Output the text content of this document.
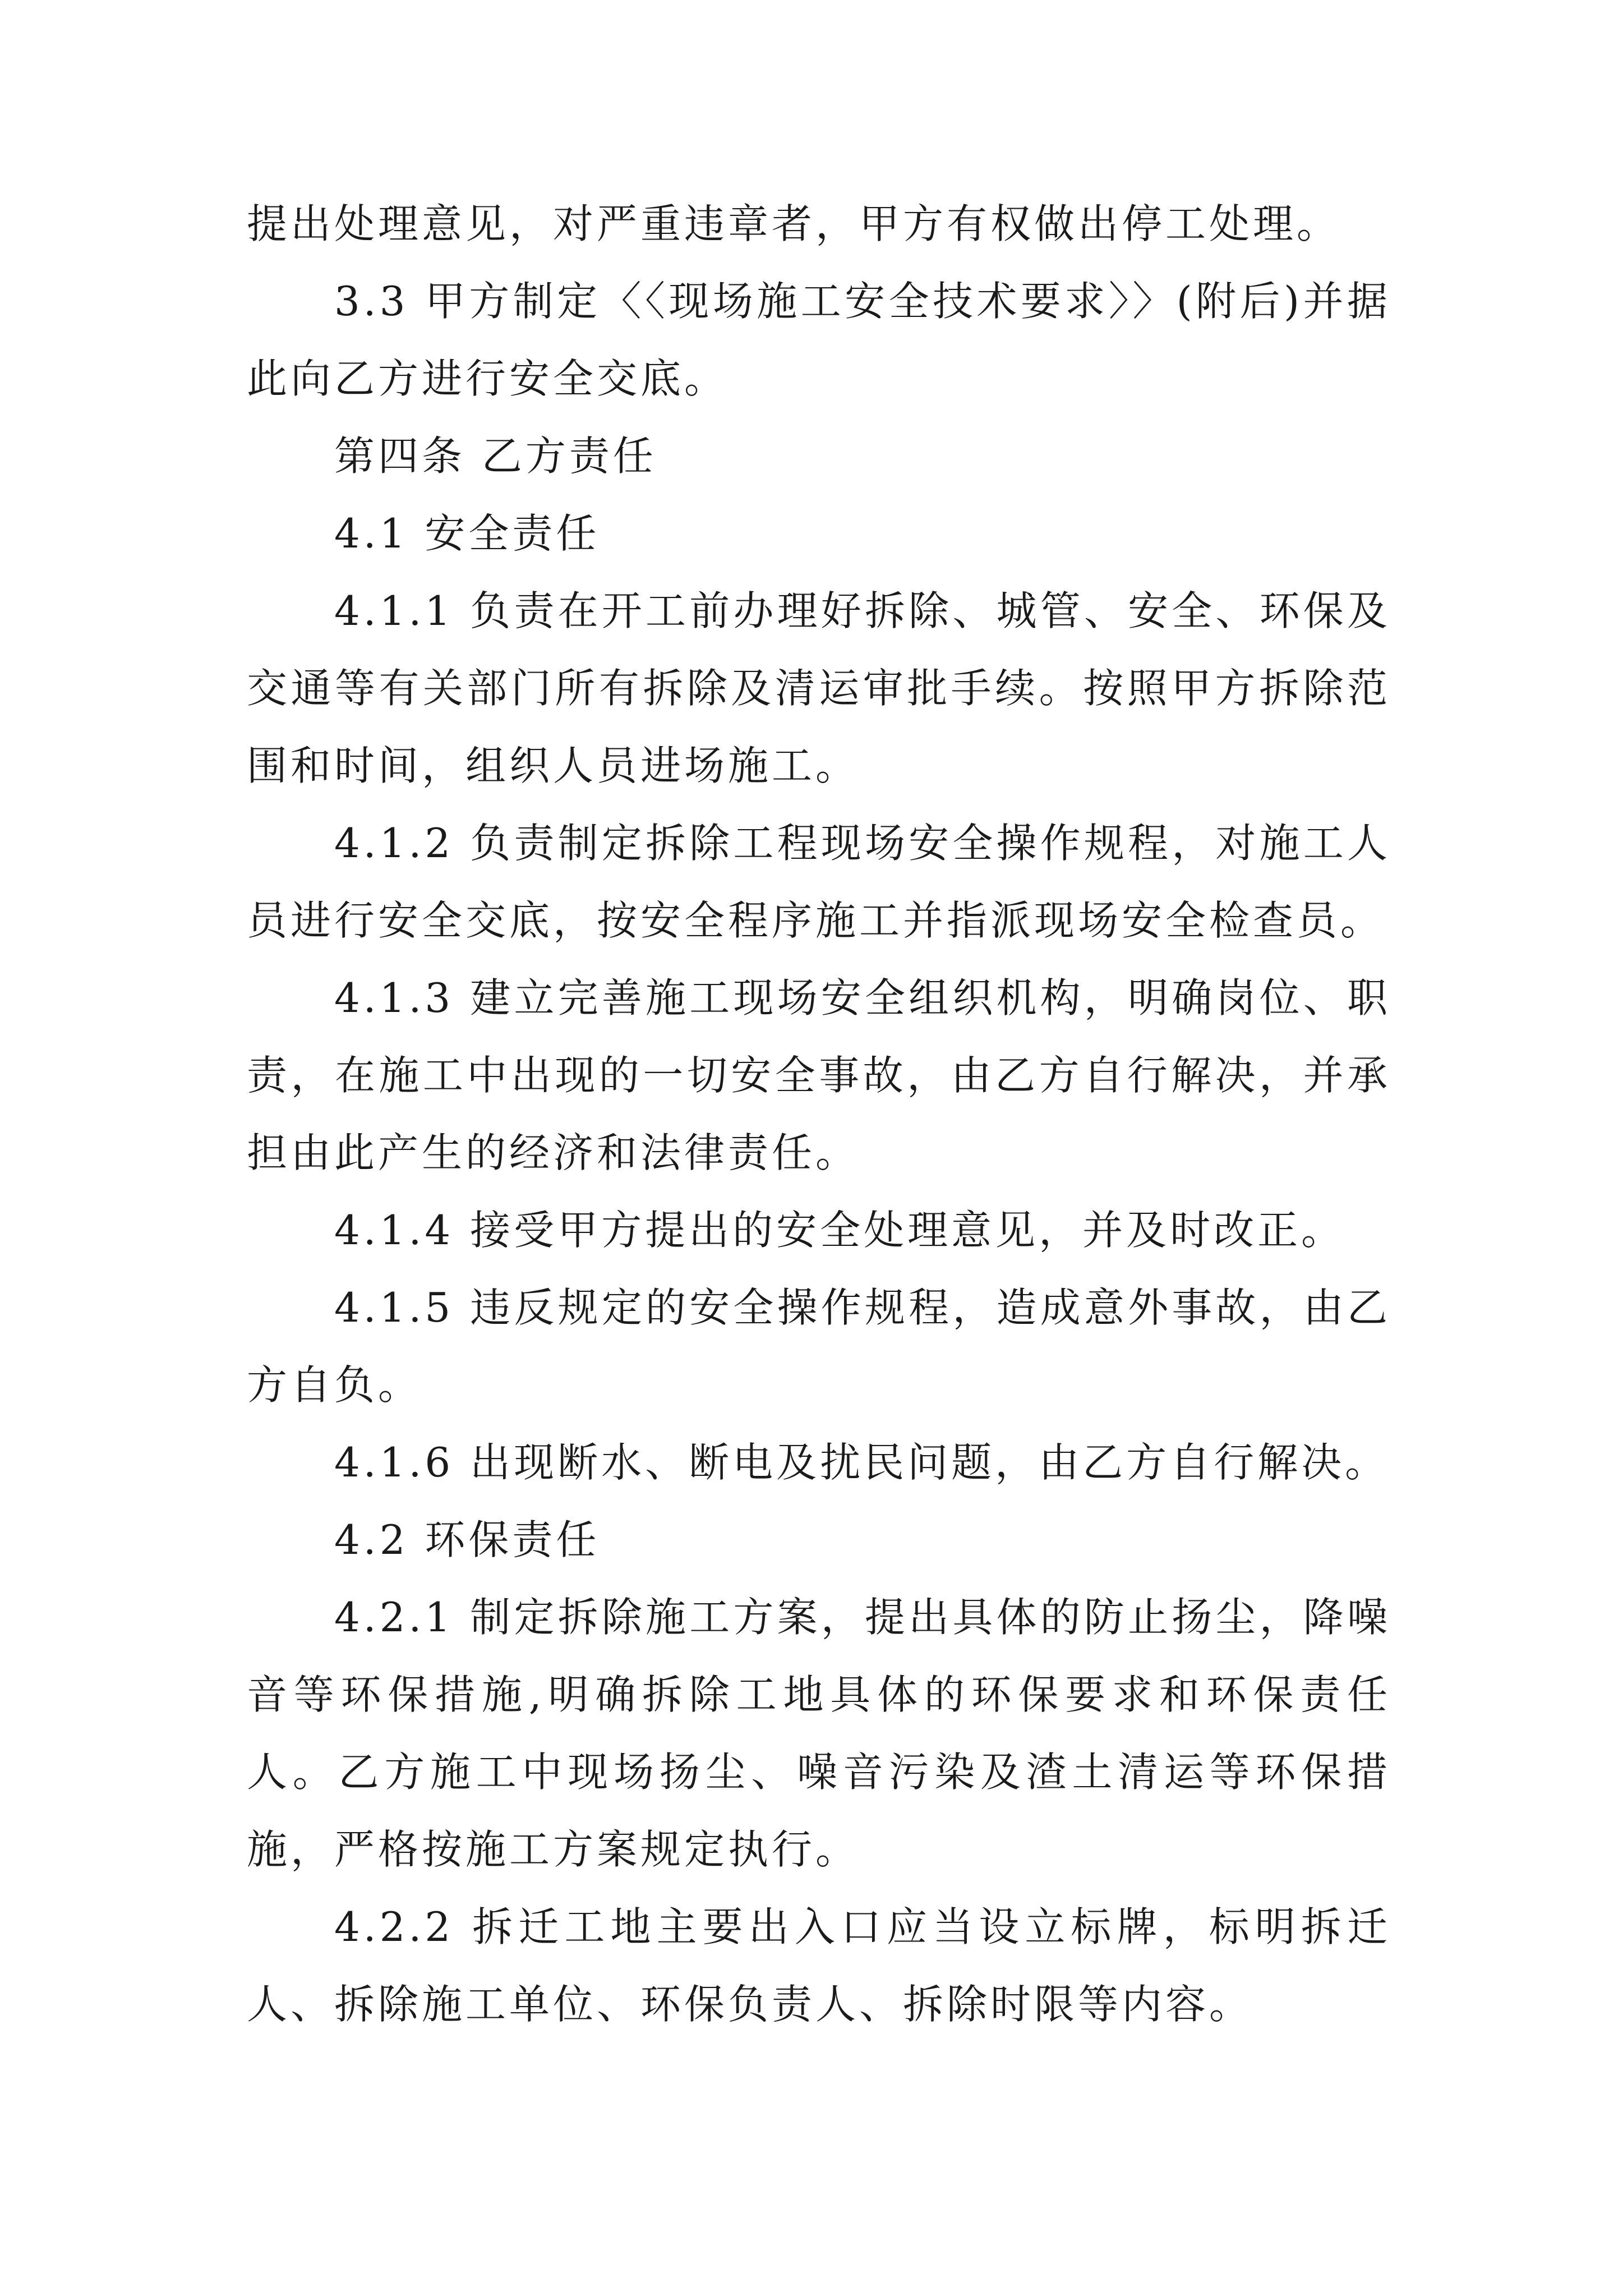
提出处理意见，对严重违章者，甲方有权做出停工处理。

3.3 甲方制定〈〈现场施工安全技术要求〉〉(附后)并据此向乙方进行安全交底。

第四条 乙方责任

4.1 安全责任

4.1.1 负责在开工前办理好拆除、城管、安全、环保及交通等有关部门所有拆除及清运审批手续。按照甲方拆除范围和时间，组织人员进场施工。

4.1.2 负责制定拆除工程现场安全操作规程，对施工人员进行安全交底，按安全程序施工并指派现场安全检查员。

4.1.3 建立完善施工现场安全组织机构，明确岗位、职责，在施工中出现的一切安全事故，由乙方自行解决，并承担由此产生的经济和法律责任。

4.1.4 接受甲方提出的安全处理意见，并及时改正。

4.1.5 违反规定的安全操作规程，造成意外事故，由乙方自负。

4.1.6 出现断水、断电及扰民问题，由乙方自行解决。

4.2 环保责任

4.2.1 制定拆除施工方案，提出具体的防止扬尘，降噪音等环保措施,明确拆除工地具体的环保要求和环保责任人。乙方施工中现场扬尘、噪音污染及渣土清运等环保措施，严格按施工方案规定执行。

4.2.2 拆迁工地主要出入口应当设立标牌，标明拆迁人、拆除施工单位、环保负责人、拆除时限等内容。
